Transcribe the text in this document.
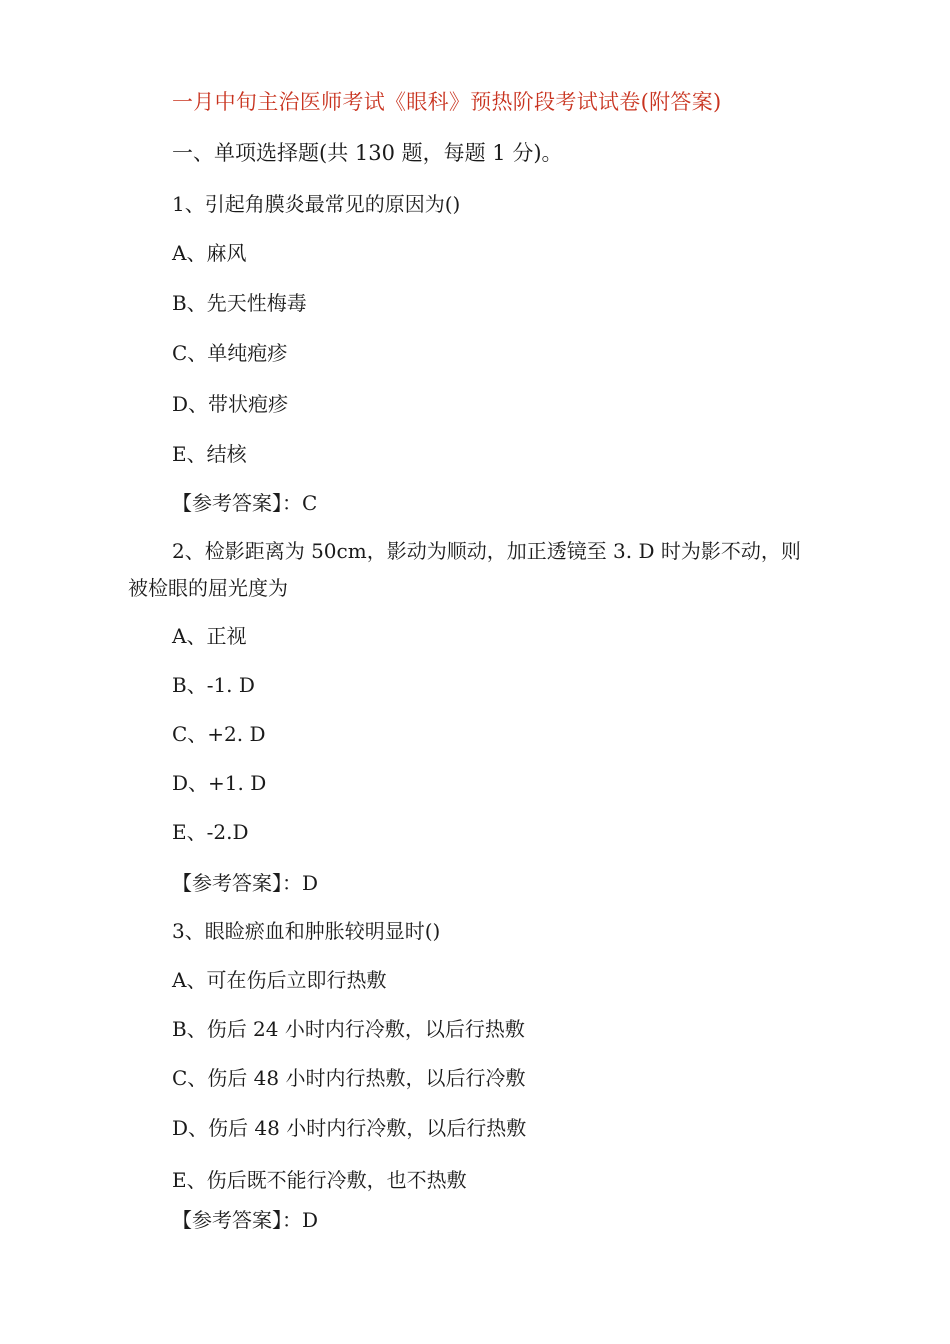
一月中旬主治医师考试《眼科》预热阶段考试试卷(附答案)
一、单项选择题(共 130 题，每题 1 分)。
1、引起角膜炎最常见的原因为()
A、麻风
B、先天性梅毒
C、单纯疱疹
D、带状疱疹
E、结核
【参考答案】：C
2、检影距离为 50cm，影动为顺动，加正透镜至 3. D 时为影不动，则
被检眼的屈光度为
A、正视
B、-1. D
C、+2. D
D、+1. D
E、-2.D
【参考答案】：D
3、眼睑瘀血和肿胀较明显时()
A、可在伤后立即行热敷
B、伤后 24 小时内行冷敷，以后行热敷
C、伤后 48 小时内行热敷，以后行冷敷
D、伤后 48 小时内行冷敷，以后行热敷
E、伤后既不能行冷敷，也不热敷
【参考答案】：D
